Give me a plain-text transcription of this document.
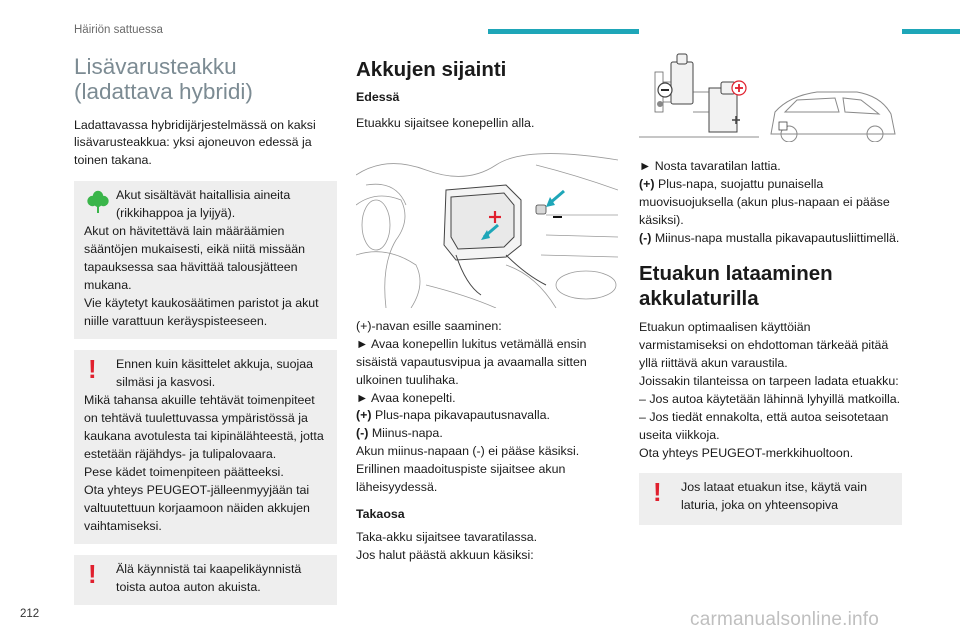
Häiriön sattuessa
Lisävarusteakku
(ladattava hybridi)

Ladattavassa hybridijärjestelmässä on kaksi lisävarusteakkua: yksi ajoneuvon edessä ja toinen takana.

Akut sisältävät haitallisia aineita

(rikkihappoa ja lyijyä).

Akut on hävitettävä lain määräämien sääntöjen mukaisesti, eikä niitä missään tapauksessa saa hävittää talousjätteen mukana.

Vie käytetyt kaukosäätimen paristot ja akut niille varattuun keräyspisteeseen.

!	Ennen kuin käsittelet akkuja, suojaa silmäsi ja kasvosi.

Mikä tahansa akuille tehtävät toimenpiteet on tehtävä tuulettuvassa ympäristössä ja kaukana avotulesta tai kipinälähteestä, jotta estetään räjähdys- ja tulipalovaara.

Pese kädet toimenpiteen päätteeksi.

Ota yhteys PEUGEOT-jälleenmyyjään tai valtuutettuun korjaamoon näiden akkujen vaihtamiseksi.

!	Älä käynnistä tai kaapelikäynnistä toista autoa auton akuista.

Akkujen sijainti
Edessä

Etuakku sijaitsee konepellin alla.

(+)-navan esille saaminen:

► Avaa konepellin lukitus vetämällä ensin sisäistä vapautusvipua ja avaamalla sitten ulkoinen tuulihaka.

► Avaa konepelti.

(+) Plus-napa pikavapautusnavalla.

(-) Miinus-napa.

Akun miinus-napaan (-) ei pääse käsiksi.

Erillinen maadoituspiste sijaitsee akun läheisyydessä.

Takaosa

Taka-akku sijaitsee tavaratilassa.

Jos halut päästä akkuun käsiksi:

► Nosta tavaratilan lattia.

(+) Plus-napa, suojattu punaisella muovisuojuksella (akun plus-napaan ei pääse käsiksi).

(-) Miinus-napa mustalla pikavapautusliittimellä.

Etuakun lataaminen akkulaturilla

Etuakun optimaalisen käyttöiän varmistamiseksi on ehdottoman tärkeää pitää yllä riittävä akun varaustila.

Joissakin tilanteissa on tarpeen ladata etuakku:

– Jos autoa käytetään lähinnä lyhyillä matkoilla.

– Jos tiedät ennakolta, että autoa seisotetaan useita viikkoja.

Ota yhteys PEUGEOT-merkkihuoltoon.

!	Jos lataat etuakun itse, käytä vain laturia, joka on yhteensopiva

212	carmanualsonline.info
